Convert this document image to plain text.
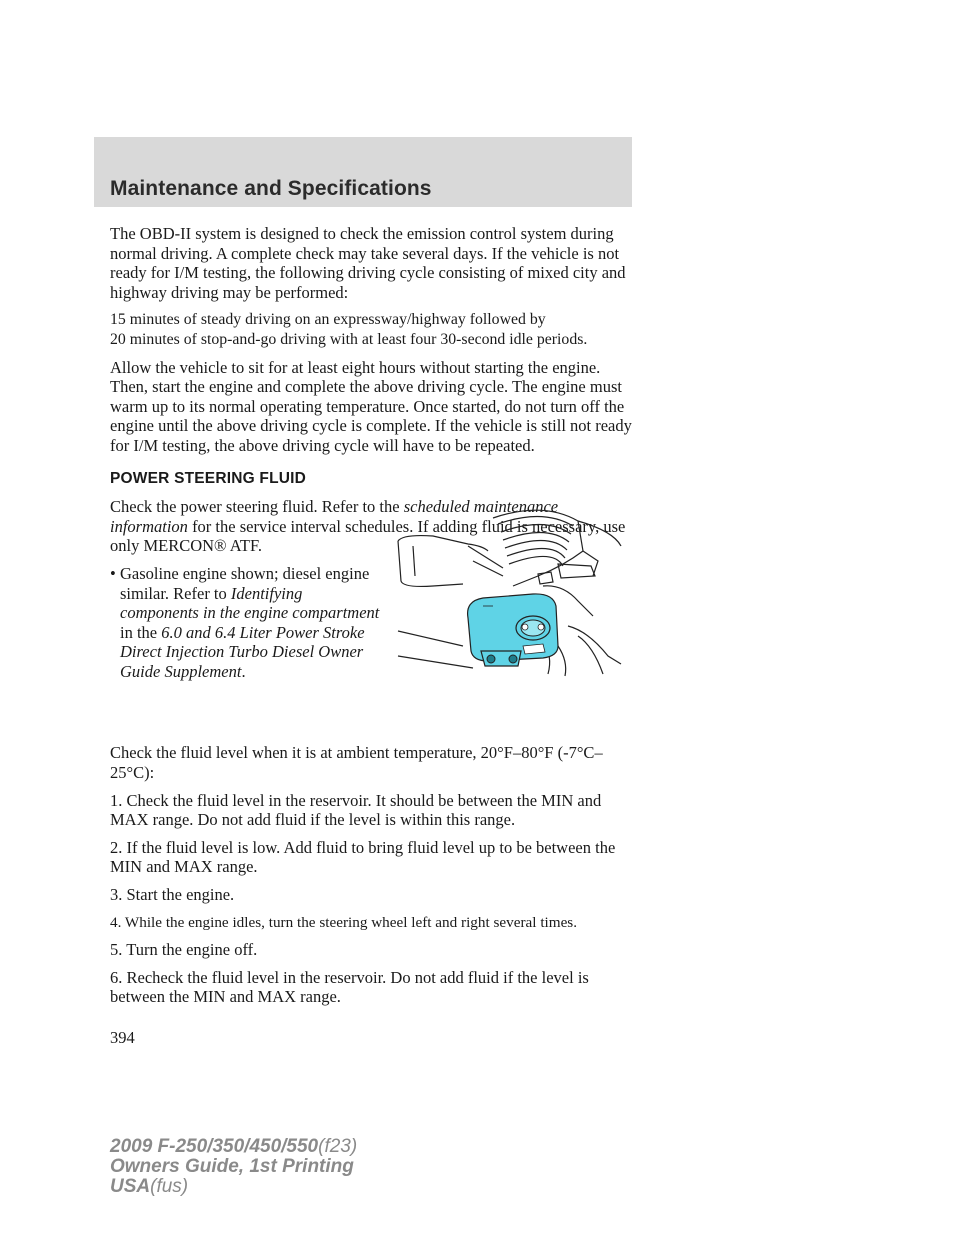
Maintenance and Specifications

The OBD-II system is designed to check the emission control system during normal driving. A complete check may take several days. If the vehicle is not ready for I/M testing, the following driving cycle consisting of mixed city and highway driving may be performed:

15 minutes of steady driving on an expressway/highway followed by
20 minutes of stop-and-go driving with at least four 30-second idle periods.

Allow the vehicle to sit for at least eight hours without starting the engine. Then, start the engine and complete the above driving cycle. The engine must warm up to its normal operating temperature. Once started, do not turn off the engine until the above driving cycle is complete. If the vehicle is still not ready for I/M testing, the above driving cycle will have to be repeated.

POWER STEERING FLUID

Check the power steering fluid. Refer to the scheduled maintenance information for the service interval schedules. If adding fluid is necessary, use only MERCON® ATF.

• Gasoline engine shown; diesel engine similar. Refer to Identifying components in the engine compartment in the 6.0 and 6.4 Liter Power Stroke Direct Injection Turbo Diesel Owner Guide Supplement.

Check the fluid level when it is at ambient temperature, 20°F–80°F (-7°C–25°C):

1. Check the fluid level in the reservoir. It should be between the MIN and MAX range. Do not add fluid if the level is within this range.

2. If the fluid level is low. Add fluid to bring fluid level up to be between the MIN and MAX range.

3. Start the engine.

4. While the engine idles, turn the steering wheel left and right several times.

5. Turn the engine off.

6. Recheck the fluid level in the reservoir. Do not add fluid if the level is between the MIN and MAX range.

394
2009 F-250/350/450/550(f23)
Owners Guide, 1st Printing
USA(fus)
